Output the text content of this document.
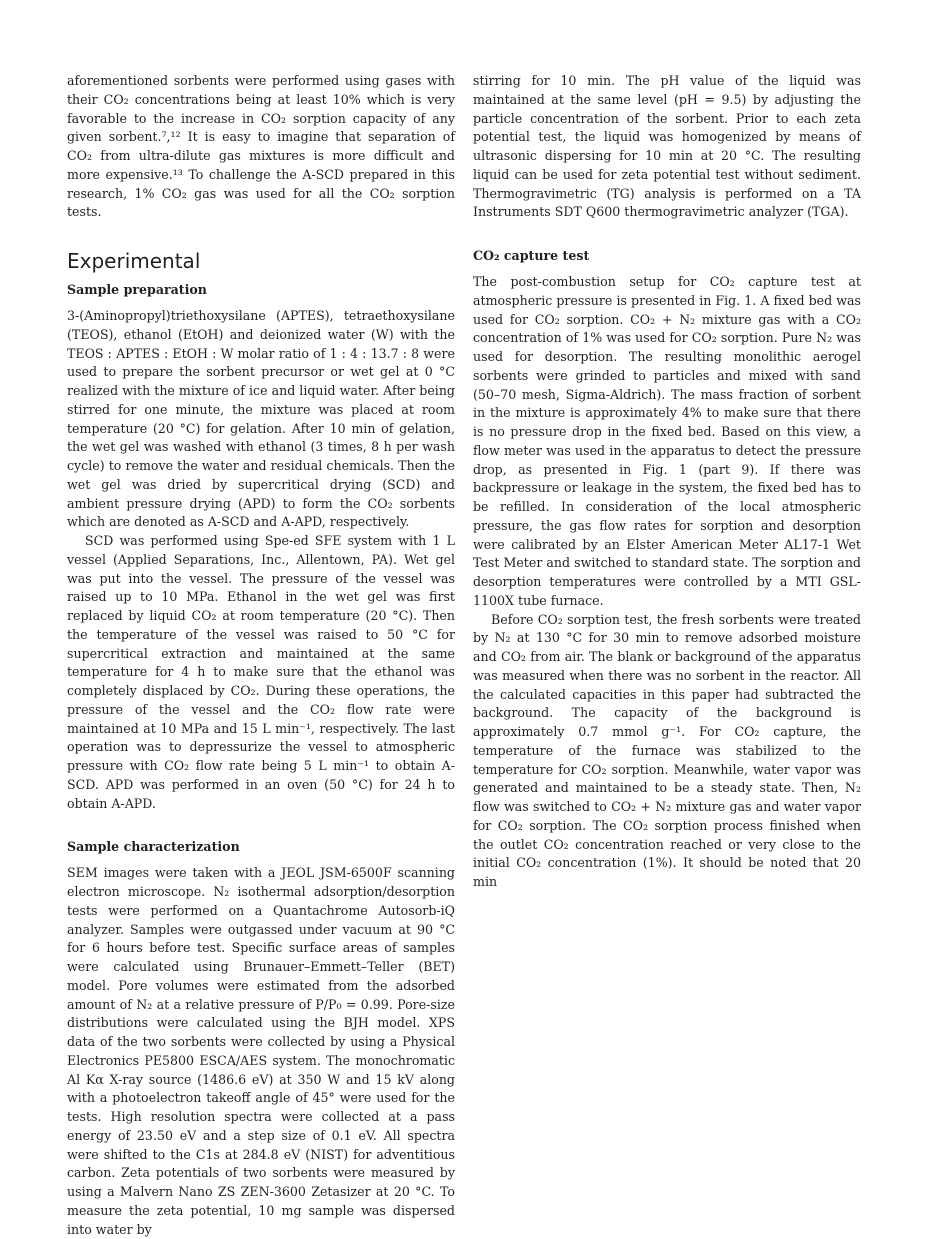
aforementioned sorbents were performed using gases with their CO₂ concentrations being at least 10% which is very favorable to the increase in CO₂ sorption capacity of any given sorbent.⁷,¹² It is easy to imagine that separation of CO₂ from ultra-dilute gas mixtures is more difficult and more expensive.¹³ To challenge the A-SCD prepared in this research, 1% CO₂ gas was used for all the CO₂ sorption tests.

Experimental
Sample preparation

3-(Aminopropyl)triethoxysilane (APTES), tetraethoxysilane (TEOS), ethanol (EtOH) and deionized water (W) with the TEOS : APTES : EtOH : W molar ratio of 1 : 4 : 13.7 : 8 were used to prepare the sorbent precursor or wet gel at 0 °C realized with the mixture of ice and liquid water. After being stirred for one minute, the mixture was placed at room temperature (20 °C) for gelation. After 10 min of gelation, the wet gel was washed with ethanol (3 times, 8 h per wash cycle) to remove the water and residual chemicals. Then the wet gel was dried by supercritical drying (SCD) and ambient pressure drying (APD) to form the CO₂ sorbents which are denoted as A-SCD and A-APD, respectively.

SCD was performed using Spe-ed SFE system with 1 L vessel (Applied Separations, Inc., Allentown, PA). Wet gel was put into the vessel. The pressure of the vessel was raised up to 10 MPa. Ethanol in the wet gel was first replaced by liquid CO₂ at room temperature (20 °C). Then the temperature of the vessel was raised to 50 °C for supercritical extraction and maintained at the same temperature for 4 h to make sure that the ethanol was completely displaced by CO₂. During these operations, the pressure of the vessel and the CO₂ flow rate were maintained at 10 MPa and 15 L min⁻¹, respectively. The last operation was to depressurize the vessel to atmospheric pressure with CO₂ flow rate being 5 L min⁻¹ to obtain A-SCD. APD was performed in an oven (50 °C) for 24 h to obtain A-APD.

Sample characterization

SEM images were taken with a JEOL JSM-6500F scanning electron microscope. N₂ isothermal adsorption/desorption tests were performed on a Quantachrome Autosorb-iQ analyzer. Samples were outgassed under vacuum at 90 °C for 6 hours before test. Specific surface areas of samples were calculated using Brunauer–Emmett–Teller (BET) model. Pore volumes were estimated from the adsorbed amount of N₂ at a relative pressure of P/P₀ = 0.99. Pore-size distributions were calculated using the BJH model. XPS data of the two sorbents were collected by using a Physical Electronics PE5800 ESCA/AES system. The monochromatic Al Kα X-ray source (1486.6 eV) at 350 W and 15 kV along with a photoelectron takeoff angle of 45° were used for the tests. High resolution spectra were collected at a pass energy of 23.50 eV and a step size of 0.1 eV. All spectra were shifted to the C1s at 284.8 eV (NIST) for adventitious carbon. Zeta potentials of two sorbents were measured by using a Malvern Nano ZS ZEN-3600 Zetasizer at 20 °C. To measure the zeta potential, 10 mg sample was dispersed into water by

stirring for 10 min. The pH value of the liquid was maintained at the same level (pH = 9.5) by adjusting the particle concentration of the sorbent. Prior to each zeta potential test, the liquid was homogenized by means of ultrasonic dispersing for 10 min at 20 °C. The resulting liquid can be used for zeta potential test without sediment. Thermogravimetric (TG) analysis is performed on a TA Instruments SDT Q600 thermogravimetric analyzer (TGA).

CO₂ capture test

The post-combustion setup for CO₂ capture test at atmospheric pressure is presented in Fig. 1. A fixed bed was used for CO₂ sorption. CO₂ + N₂ mixture gas with a CO₂ concentration of 1% was used for CO₂ sorption. Pure N₂ was used for desorption. The resulting monolithic aerogel sorbents were grinded to particles and mixed with sand (50–70 mesh, Sigma-Aldrich). The mass fraction of sorbent in the mixture is approximately 4% to make sure that there is no pressure drop in the fixed bed. Based on this view, a flow meter was used in the apparatus to detect the pressure drop, as presented in Fig. 1 (part 9). If there was backpressure or leakage in the system, the fixed bed has to be refilled. In consideration of the local atmospheric pressure, the gas flow rates for sorption and desorption were calibrated by an Elster American Meter AL17-1 Wet Test Meter and switched to standard state. The sorption and desorption temperatures were controlled by a MTI GSL-1100X tube furnace.

Before CO₂ sorption test, the fresh sorbents were treated by N₂ at 130 °C for 30 min to remove adsorbed moisture and CO₂ from air. The blank or background of the apparatus was measured when there was no sorbent in the reactor. All the calculated capacities in this paper had subtracted the background. The capacity of the background is approximately 0.7 mmol g⁻¹. For CO₂ capture, the temperature of the furnace was stabilized to the temperature for CO₂ sorption. Meanwhile, water vapor was generated and maintained to be a steady state. Then, N₂ flow was switched to CO₂ + N₂ mixture gas and water vapor for CO₂ sorption. The CO₂ sorption process finished when the outlet CO₂ concentration reached or very close to the initial CO₂ concentration (1%). It should be noted that 20 min
